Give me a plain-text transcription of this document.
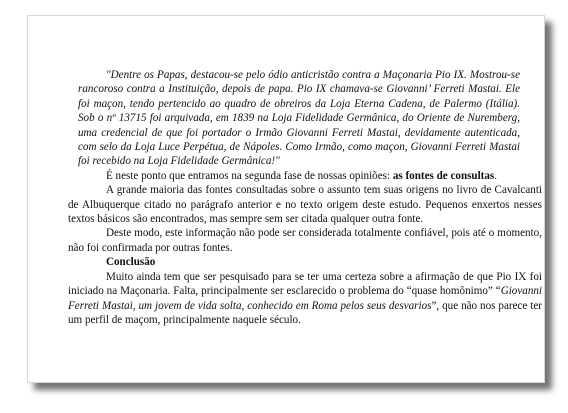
"Dentre os Papas, destacou-se pelo ódio anticristão contra a Maçonaria Pio IX. Mostrou-se rancoroso contra a Instituição, depois de papa. Pio IX chamava-se Giovanni’ Ferreti Mastai. Ele foi maçon, tendo pertencido ao quadro de obreiros da Loja Eterna Cadena, de Palermo (Itália). Sob o nº 13715 foi arquivada, em 1839 na Loja Fidelidade Germânica, do Oriente de Nuremberg, uma credencial de que foi portador o Irmão Giovanni Ferreti Mastai, devidamente autenticada, com selo da Loja Luce Perpétua, de Nápoles. Como Irmão, como maçon, Giovanni Ferreti Mastai foi recebido na Loja Fidelidade Germânica!"

É neste ponto que entramos na segunda fase de nossas opiniões: as fontes de consultas.

A grande maioria das fontes consultadas sobre o assunto tem suas origens no livro de Cavalcanti de Albuquerque citado no parágrafo anterior e no texto origem deste estudo. Pequenos enxertos nesses textos básicos são encontrados, mas sempre sem ser citada qualquer outra fonte.

Deste modo, este informação não pode ser considerada totalmente confiável, pois até o momento, não foi confirmada por outras fontes.

Conclusão

Muito ainda tem que ser pesquisado para se ter uma certeza sobre a afirmação de que Pio IX foi iniciado na Maçonaria. Falta, principalmente ser esclarecido o problema do “quase homônimo” “Giovanni Ferreti Mastai, um jovem de vida solta, conhecido em Roma pelos seus desvarios”, que não nos parece ter um perfil de maçom, principalmente naquele século.
